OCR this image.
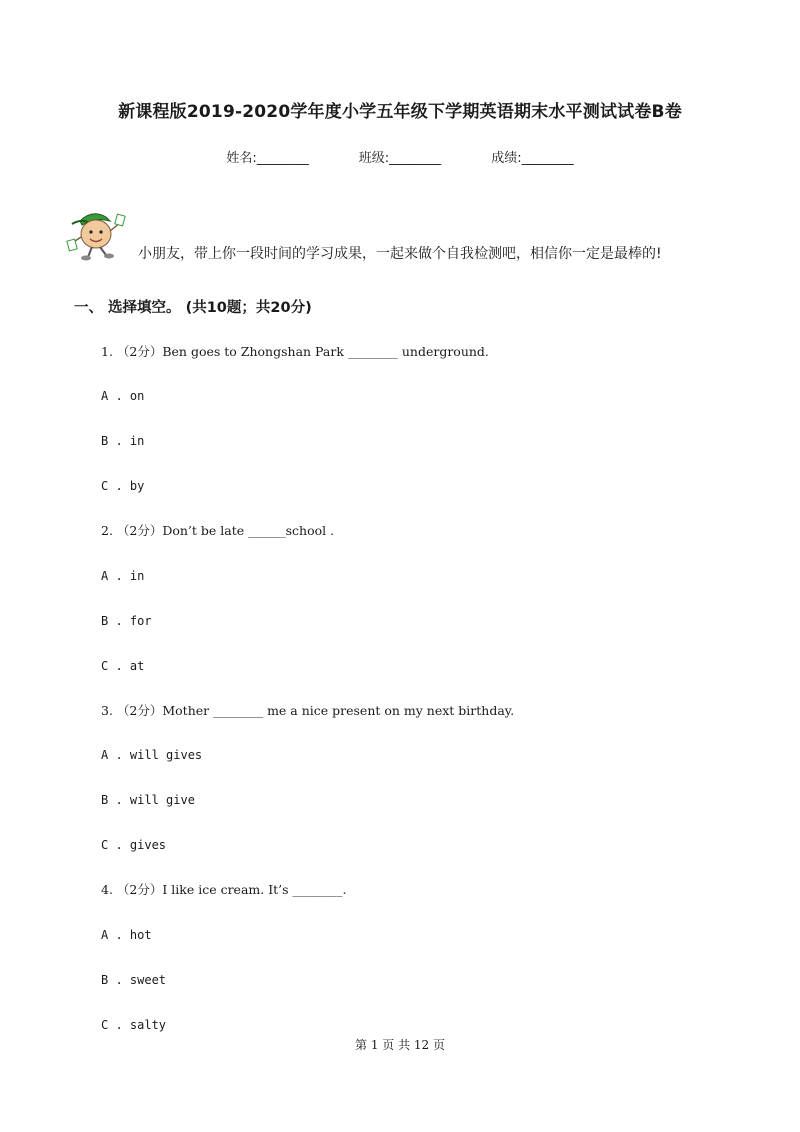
新课程版2019-2020学年度小学五年级下学期英语期末水平测试试卷B卷
姓名:________	班级:________	成绩:________
小朋友，带上你一段时间的学习成果，一起来做个自我检测吧，相信你一定是最棒的!
一、 选择填空。 (共10题；共20分)
1. （2分）Ben goes to Zhongshan Park ________ underground.
A . on
B . in
C . by
2. （2分）Don’t be late ______school .
A . in
B . for
C . at
3. （2分）Mother ________ me a nice present on my next birthday.
A . will gives
B . will give
C . gives
4. （2分）I like ice cream. It’s ________.
A . hot
B . sweet
C . salty
第 1 页 共 12 页
